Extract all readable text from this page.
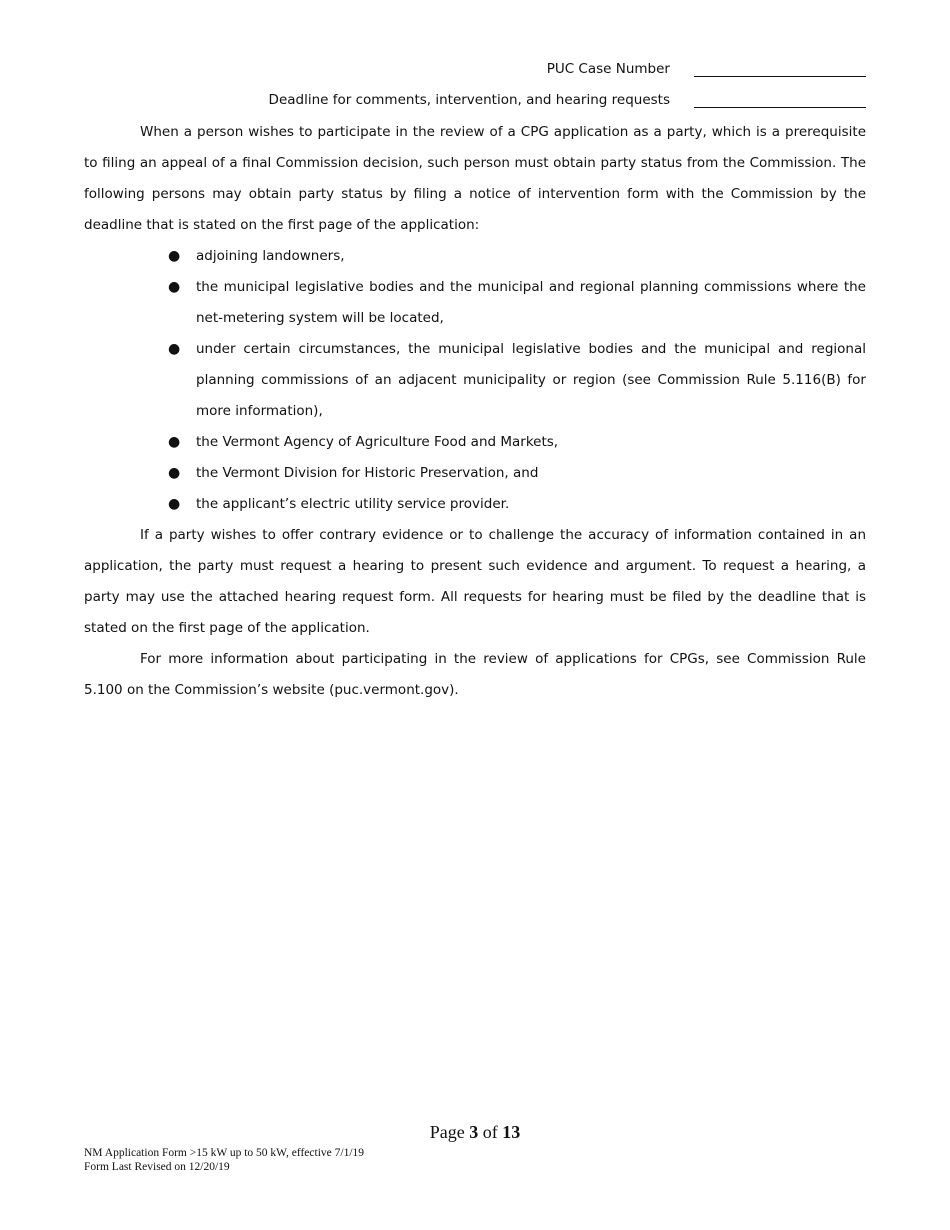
PUC Case Number
Deadline for comments, intervention, and hearing requests

When a person wishes to participate in the review of a CPG application as a party, which is a prerequisite to filing an appeal of a final Commission decision, such person must obtain party status from the Commission. The following persons may obtain party status by filing a notice of intervention form with the Commission by the deadline that is stated on the first page of the application:

● adjoining landowners,
● the municipal legislative bodies and the municipal and regional planning commissions where the net-metering system will be located,
● under certain circumstances, the municipal legislative bodies and the municipal and regional planning commissions of an adjacent municipality or region (see Commission Rule 5.116(B) for more information),
● the Vermont Agency of Agriculture Food and Markets,
● the Vermont Division for Historic Preservation, and
● the applicant’s electric utility service provider.

If a party wishes to offer contrary evidence or to challenge the accuracy of information contained in an application, the party must request a hearing to present such evidence and argument. To request a hearing, a party may use the attached hearing request form. All requests for hearing must be filed by the deadline that is stated on the first page of the application.

For more information about participating in the review of applications for CPGs, see Commission Rule 5.100 on the Commission’s website (puc.vermont.gov).

Page 3 of 13
NM Application Form >15 kW up to 50 kW, effective 7/1/19
Form Last Revised on 12/20/19
